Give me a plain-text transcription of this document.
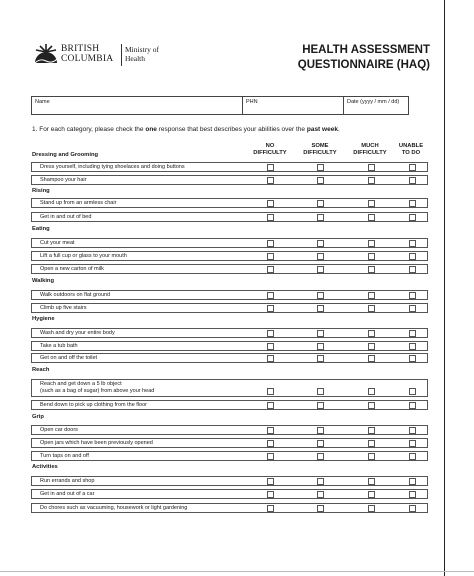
BRITISH
COLUMBIA
Ministry of
Health
HEALTH ASSESSMENT
QUESTIONNAIRE (HAQ)
Name	PHN	Date (yyyy / mm / dd)
1. For each category, please check the one response that best describes your abilities over the past week.
NO
DIFFICULTY
SOME
DIFFICULTY
MUCH
DIFFICULTY
UNABLE
TO DO
Dressing and Grooming
Dress yourself, including tying shoelaces and doing buttons
Shampoo your hair
Rising
Stand up from an armless chair
Get in and out of bed
Eating
Cut your meat
Lift a full cup or glass to your mouth
Open a new carton of milk
Walking
Walk outdoors on flat ground
Climb up five stairs
Hygiene
Wash and dry your entire body
Take a tub bath
Get on and off the toilet
Reach
Reach and get down a 5 lb object
(such as a bag of sugar) from above your head
Bend down to pick up clothing from the floor
Grip
Open car doors
Open jars which have been previously opened
Turn taps on and off
Activities
Run errands and shop
Get in and out of a car
Do chores such as vacuuming, housework or light gardening
